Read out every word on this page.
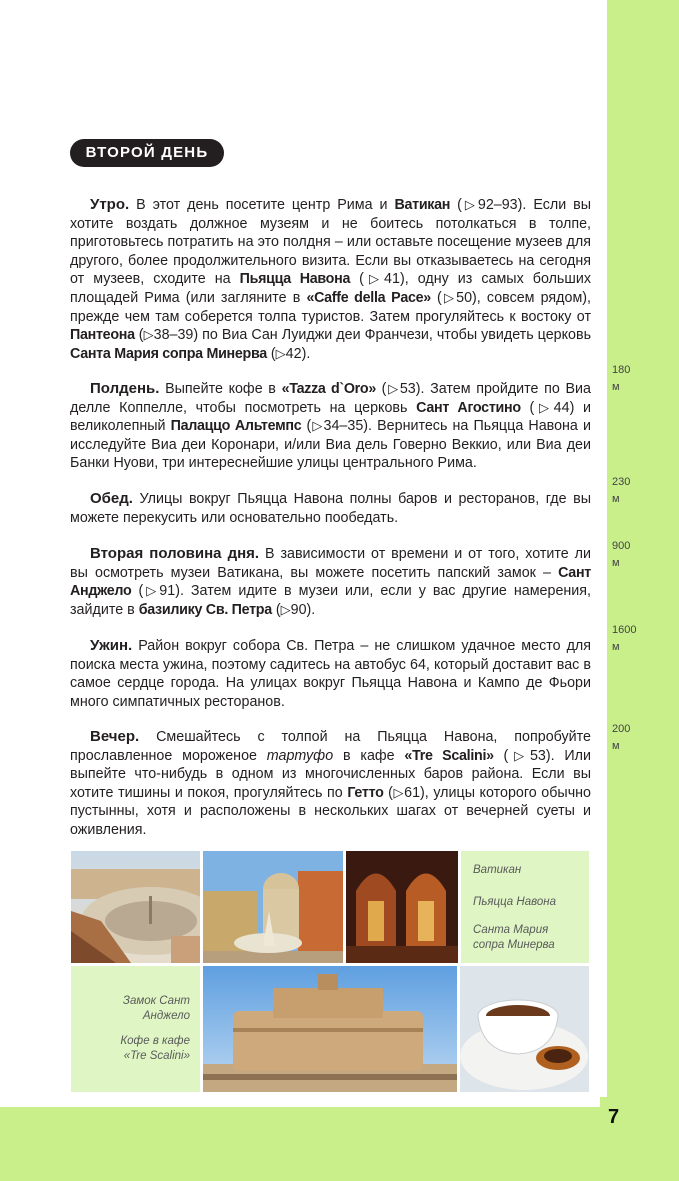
7
ВТОРОЙ ДЕНЬ

Утро. В этот день посетите центр Рима и Ватикан (▷92–93). Если вы хотите воздать должное музеям и не боитесь потолкаться в толпе, приготовьтесь потратить на это полдня – или оставьте посещение музеев для другого, более продолжительного визита. Если вы отказываетесь на сегодня от музеев, сходите на Пьяцца Навона (▷41), одну из самых больших площадей Рима (или загляните в «Caffe della Pace» (▷50), совсем рядом), прежде чем там соберется толпа туристов. Затем прогуляйтесь к востоку от Пантеона (▷38–39) по Виа Сан Луиджи деи Франчези, чтобы увидеть церковь Санта Мария сопра Минерва (▷42).

Полдень. Выпейте кофе в «Tazza d`Oro» (▷53). Затем пройдите по Виа делле Коппелле, чтобы посмотреть на церковь Сант Агостино (▷44) и великолепный Палаццо Альтемпс (▷34–35). Вернитесь на Пьяцца Навона и исследуйте Виа деи Коронари, и/или Виа дель Говерно Веккио, или Виа деи Банки Нуови, три интереснейшие улицы центрального Рима.

Обед. Улицы вокруг Пьяцца Навона полны баров и ресторанов, где вы можете перекусить или основательно пообедать.

Вторая половина дня. В зависимости от времени и от того, хотите ли вы осмотреть музеи Ватикана, вы можете посетить папский замок – Сант Анджело (▷91). Затем идите в музеи или, если у вас другие намерения, зайдите в базилику Св. Петра (▷90).

Ужин. Район вокруг собора Св. Петра – не слишком удачное место для поиска места ужина, поэтому садитесь на автобус 64, который доставит вас в самое сердце города. На улицах вокруг Пьяцца Навона и Кампо де Фьори много симпатичных ресторанов.

Вечер. Смешайтесь с толпой на Пьяцца Навона, попробуйте прославленное мороженое тартуфо в кафе «Tre Scalini» (▷53). Или выпейте что-нибудь в одном из многочисленных баров района. Если вы хотите тишины и покоя, прогуляйтесь по Гетто (▷61), улицы которого обычно пустынны, хотя и расположены в нескольких шагах от вечерней суеты и оживления.

180
м
230
м
900
м
1600
м
200
м
Ватикан
Пьяцца Навона
Санта Мария сопра Минерва
Замок Сант Анджело
Кофе в кафе «Tre Scalini»
